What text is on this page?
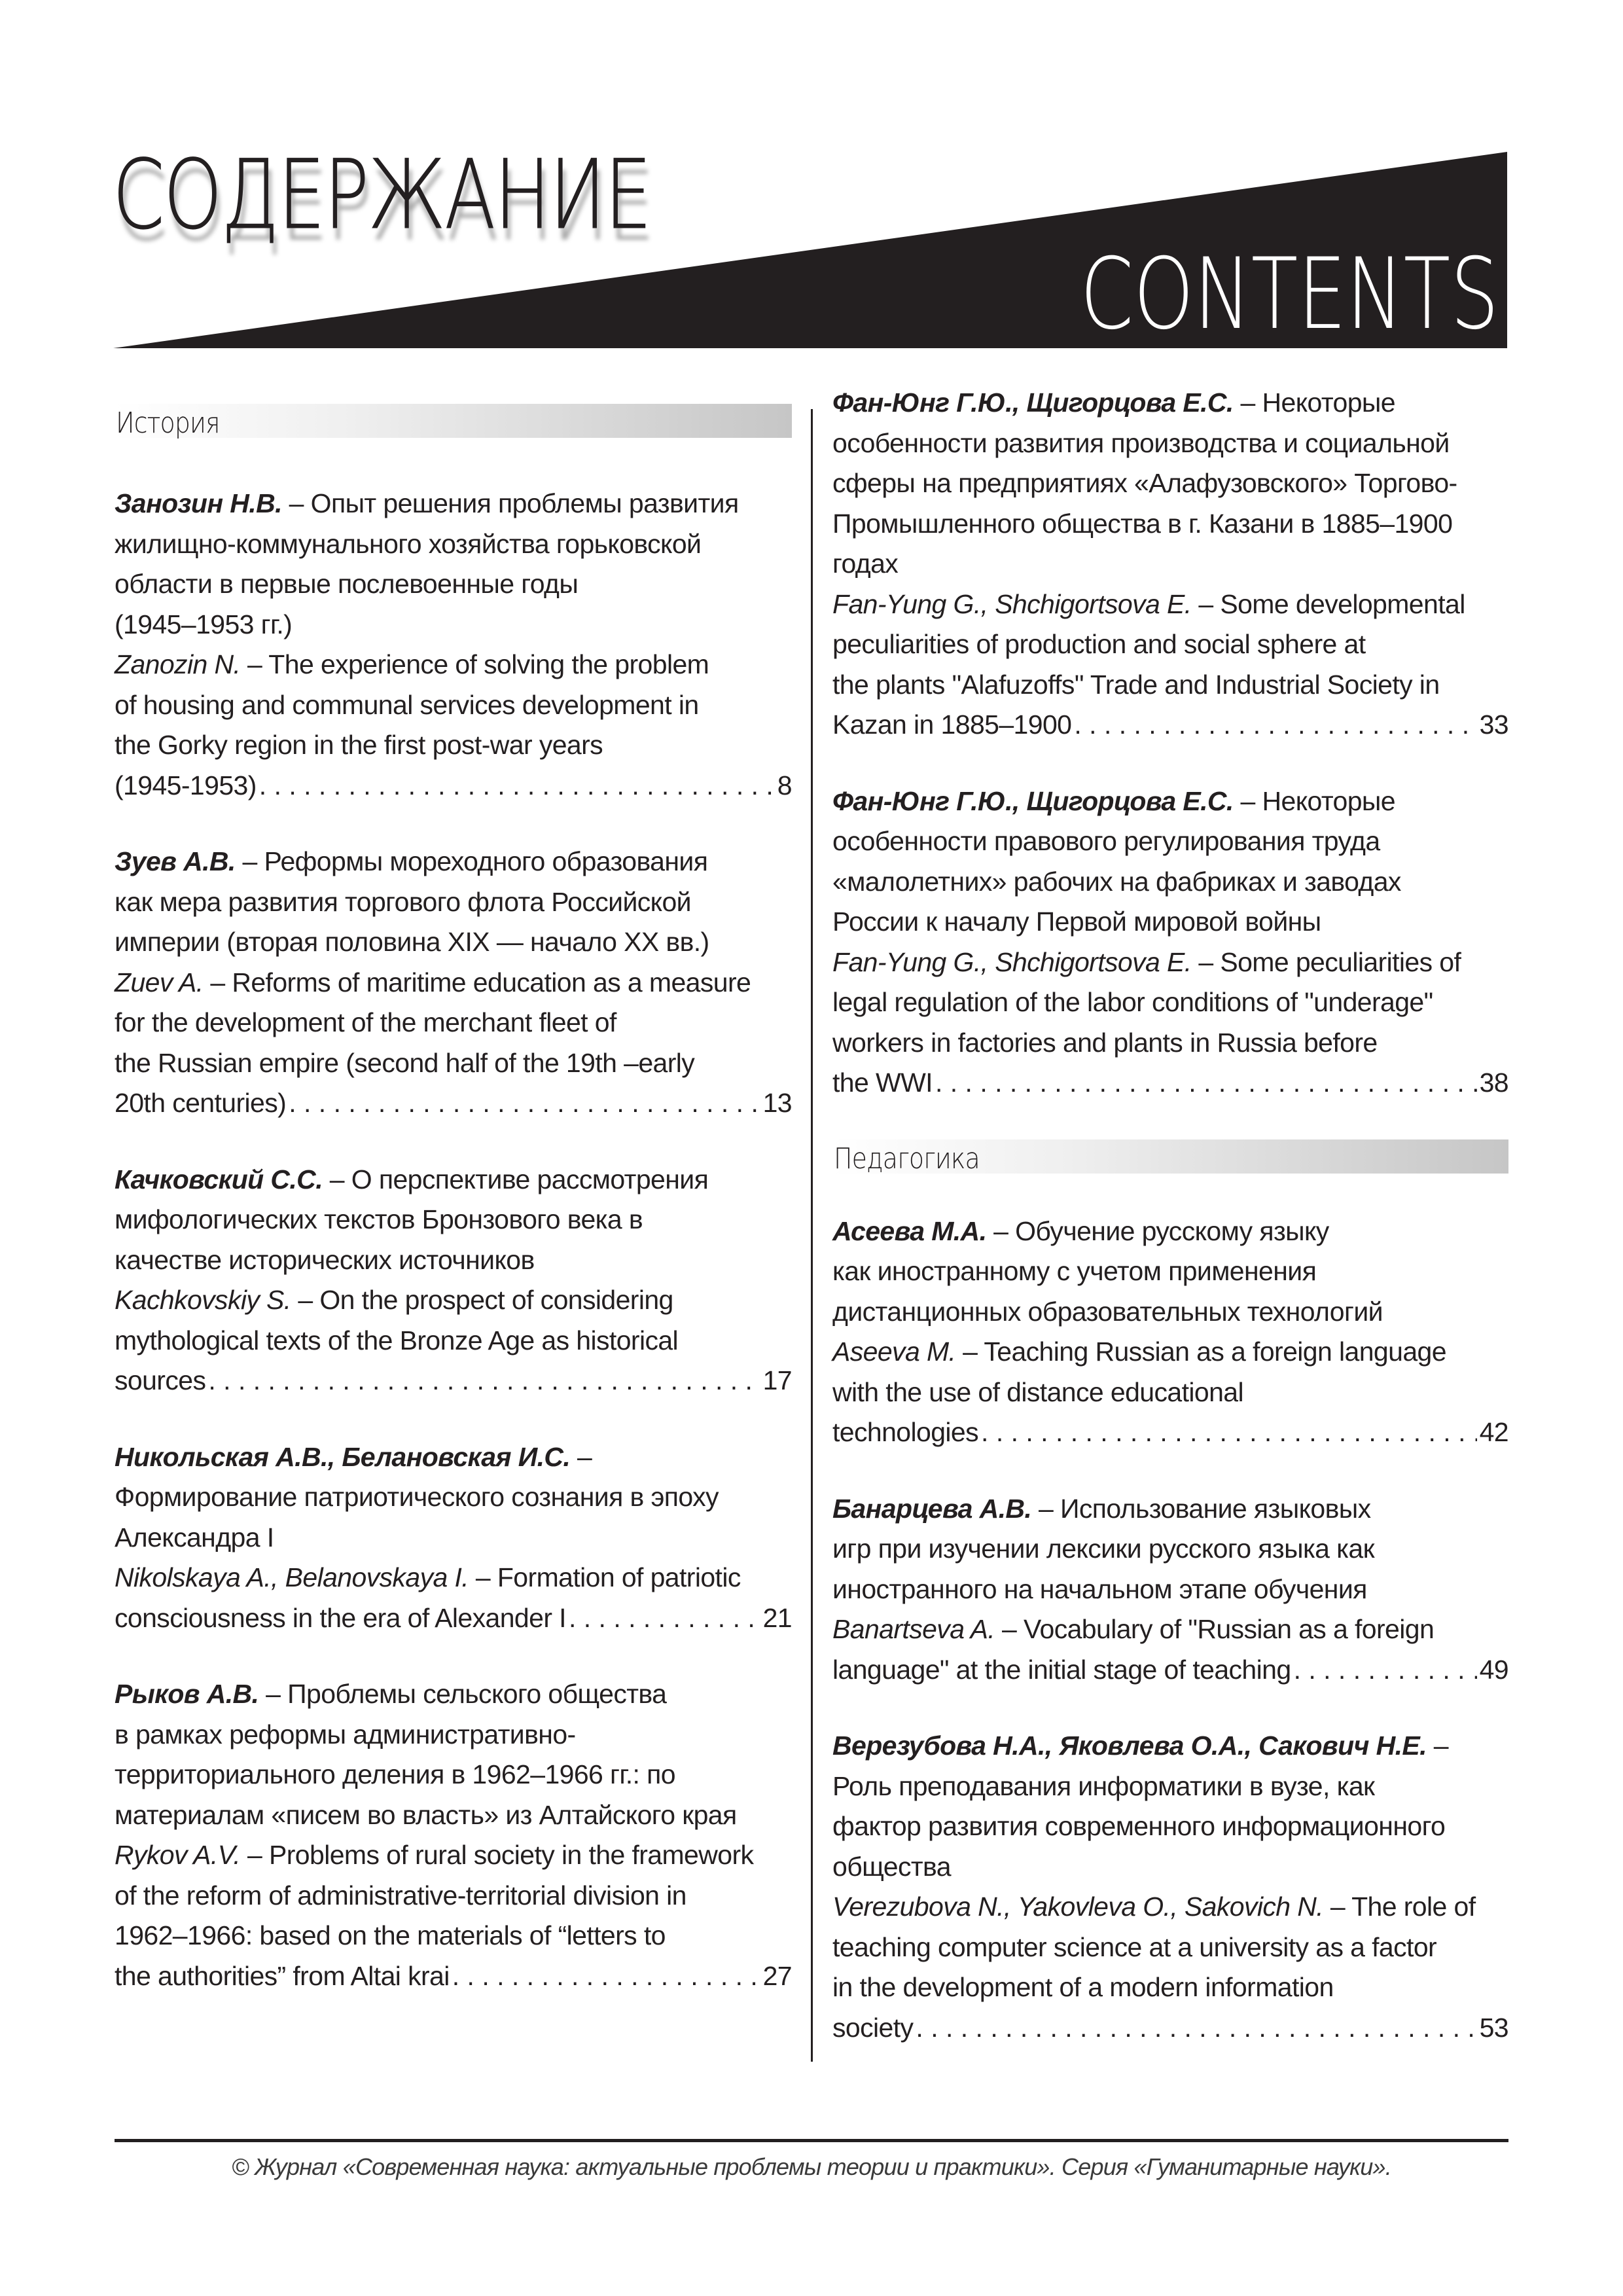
СОДЕРЖАНИЕ
CONTENTS
История

Занозин Н.В. – Опыт решения проблемы развития

жилищно-коммунального хозяйства горьковской

области в первые послевоенные годы

(1945–1953 гг.)

Zanozin N. – The experience of solving the problem

of housing and communal services development in

the Gorky region in the first post-war years

(1945-1953) . . .	8

Зуев А.В. – Реформы мореходного образования

как мера развития торгового флота Российской

империи (вторая половина XIX — начало XX вв.)

Zuev A. – Reforms of maritime education as a measure

for the development of the merchant fleet of

the Russian empire (second half of the 19th –early

20th centuries) . . .	13

Качковский С.С. – О перспективе рассмотрения

мифологических текстов Бронзового века в

качестве исторических источников

Kachkovskiy S. – On the prospect of considering

mythological texts of the Bronze Age as historical

sources . . .	17

Никольская А.В., Белановская И.С. –

Формирование патриотического сознания в эпоху

Александра I

Nikolskaya A., Belanovskaya I. – Formation of patriotic

consciousness in the era of Alexander I . . .	21

Рыков А.В. – Проблемы сельского общества

в рамках реформы административно-

территориального деления в 1962–1966 гг.: по

материалам «писем во власть» из Алтайского края

Rykov A.V. – Problems of rural society in the framework

of the reform of administrative-territorial division in

1962–1966: based on the materials of “letters to

the authorities” from Altai krai . . .	27

Фан-Юнг Г.Ю., Щигорцова Е.С. – Некоторые

особенности развития производства и социальной

сферы на предприятиях «Алафузовского» Торгово-

Промышленного общества в г. Казани в 1885–1900

годах

Fan-Yung G., Shchigortsova E. – Some developmental

peculiarities of production and social sphere at

the plants "Alafuzoffs" Trade and Industrial Society in

Kazan in 1885–1900 . . .	33

Фан-Юнг Г.Ю., Щигорцова Е.С. – Некоторые

особенности правового регулирования труда

«малолетних» рабочих на фабриках и заводах

России к началу Первой мировой войны

Fan-Yung G., Shchigortsova E. – Some peculiarities of

legal regulation of the labor conditions of "underage"

workers in factories and plants in Russia before

the WWI . . .	38

Педагогика

Асеева М.А. – Обучение русскому языку

как иностранному с учетом применения

дистанционных образовательных технологий

Aseeva M. – Teaching Russian as a foreign language

with the use of distance educational

technologies . . .	42

Банарцева А.В. – Использование языковых

игр при изучении лексики русского языка как

иностранного на начальном этапе обучения

Banartseva A. – Vocabulary of "Russian as a foreign

language" at the initial stage of teaching . . .	49

Верезубова Н.А., Яковлева О.А., Сакович Н.Е. –

Роль преподавания информатики в вузе, как

фактор развития современного информационного

общества

Verezubova N., Yakovleva O., Sakovich N. – The role of

teaching computer science at a university as a factor

in the development of a modern information

society . . .	53

© Журнал «Современная наука: актуальные проблемы теории и практики». Серия «Гуманитарные науки».
